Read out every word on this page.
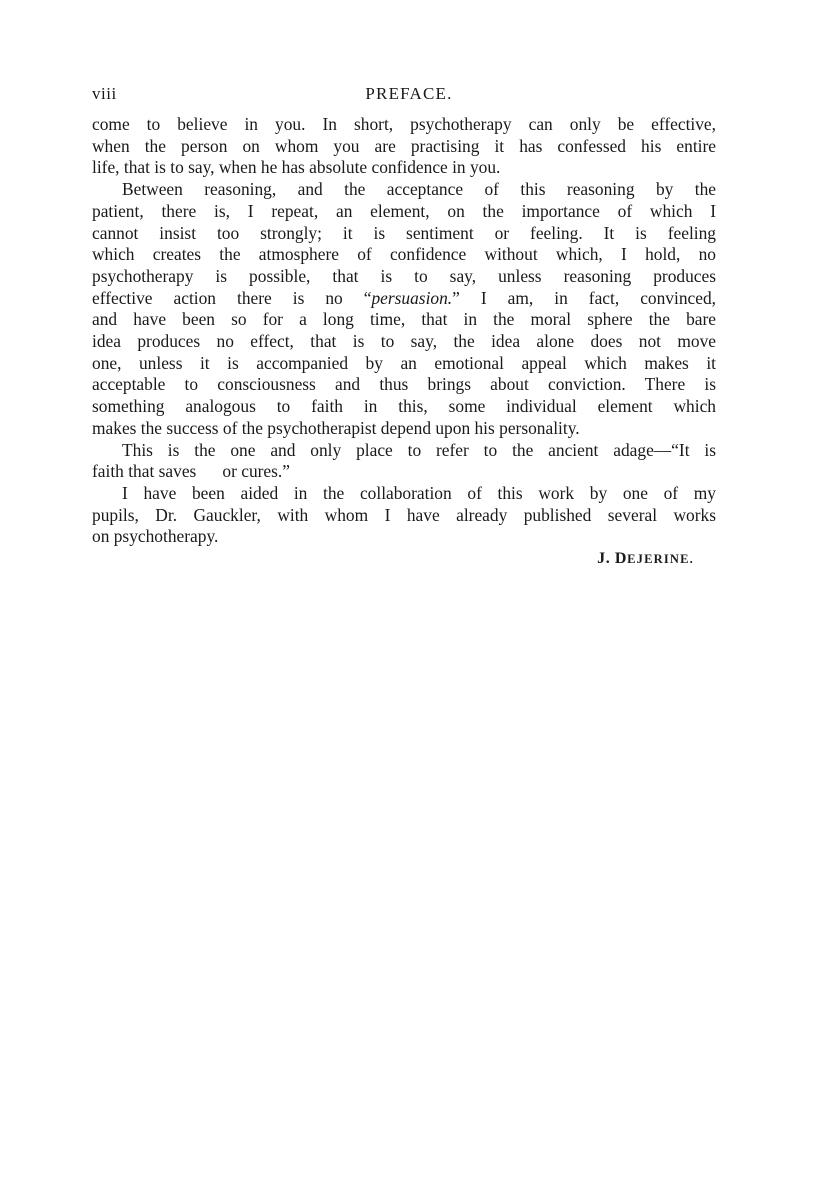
viii	PREFACE.
come to believe in you. In short, psychotherapy can only be effective,
when the person on whom you are practising it has confessed his entire
life, that is to say, when he has absolute confidence in you.
Between reasoning, and the acceptance of this reasoning by the
patient, there is, I repeat, an element, on the importance of which I
cannot insist too strongly; it is sentiment or feeling. It is feeling
which creates the atmosphere of confidence without which, I hold, no
psychotherapy is possible, that is to say, unless reasoning produces
effective action there is no “persuasion.” I am, in fact, convinced,
and have been so for a long time, that in the moral sphere the bare
idea produces no effect, that is to say, the idea alone does not move
one, unless it is accompanied by an emotional appeal which makes it
acceptable to consciousness and thus brings about conviction. There is
something analogous to faith in this, some individual element which
makes the success of the psychotherapist depend upon his personality.
This is the one and only place to refer to the ancient adage—“It is
faith that saves      or cures.”
I have been aided in the collaboration of this work by one of my
pupils, Dr. Gauckler, with whom I have already published several works
on psychotherapy.
J. DEJERINE.
